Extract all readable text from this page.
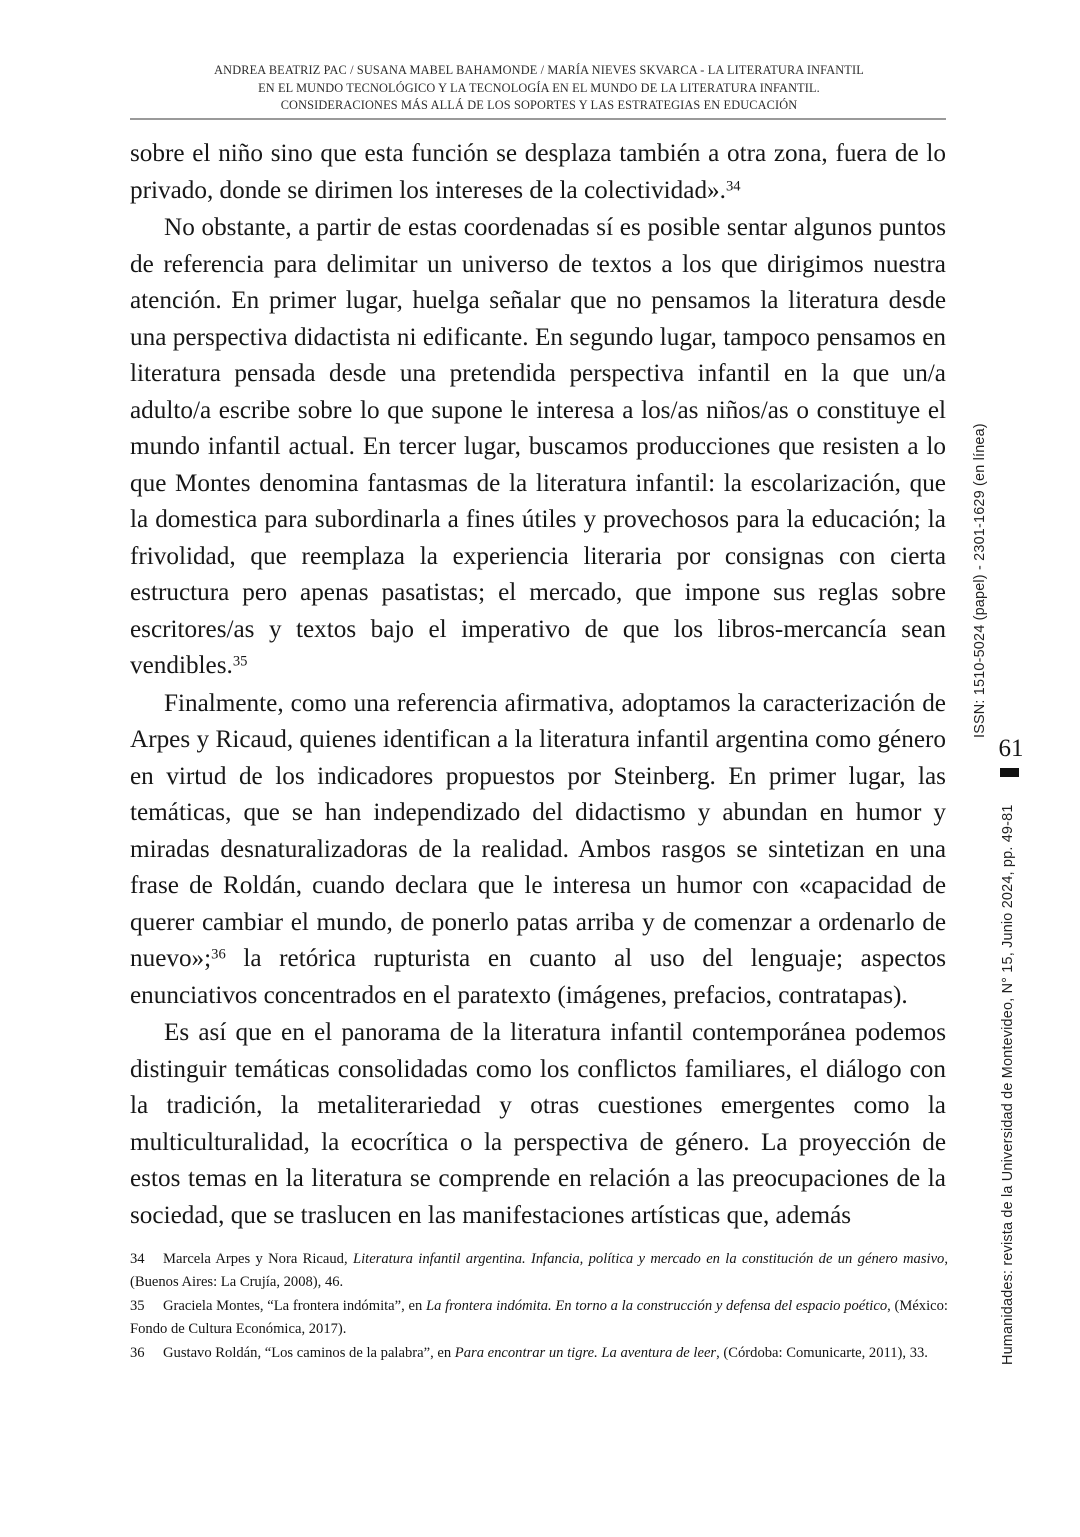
ANDREA BEATRIZ PAC / SUSANA MABEL BAHAMONDE / MARÍA NIEVES SKVARCA - LA LITERATURA INFANTIL
EN EL MUNDO TECNOLÓGICO Y LA TECNOLOGÍA EN EL MUNDO DE LA LITERATURA INFANTIL.
CONSIDERACIONES MÁS ALLÁ DE LOS SOPORTES Y LAS ESTRATEGIAS EN EDUCACIÓN

sobre el niño sino que esta función se desplaza también a otra zona, fuera de lo privado, donde se dirimen los intereses de la colectividad».$^{34}$

No obstante, a partir de estas coordenadas sí es posible sentar algunos puntos de referencia para delimitar un universo de textos a los que dirigimos nuestra atención. En primer lugar, huelga señalar que no pensamos la literatura desde una perspectiva didactista ni edificante. En segundo lugar, tampoco pensamos en literatura pensada desde una pretendida perspectiva infantil en la que un/a adulto/a escribe sobre lo que supone le interesa a los/as niños/as o constituye el mundo infantil actual. En tercer lugar, buscamos producciones que resisten a lo que Montes denomina fantasmas de la literatura infantil: la escolarización, que la domestica para subordinarla a fines útiles y provechosos para la educación; la frivolidad, que reemplaza la experiencia literaria por consignas con cierta estructura pero apenas pasatistas; el mercado, que impone sus reglas sobre escritores/as y textos bajo el imperativo de que los libros-mercancía sean vendibles.$^{35}$

Finalmente, como una referencia afirmativa, adoptamos la caracterización de Arpes y Ricaud, quienes identifican a la literatura infantil argentina como género en virtud de los indicadores propuestos por Steinberg. En primer lugar, las temáticas, que se han independizado del didactismo y abundan en humor y miradas desnaturalizadoras de la realidad. Ambos rasgos se sintetizan en una frase de Roldán, cuando declara que le interesa un humor con «capacidad de querer cambiar el mundo, de ponerlo patas arriba y de comenzar a ordenarlo de nuevo»;$^{36}$ la retórica rupturista en cuanto al uso del lenguaje; aspectos enunciativos concentrados en el paratexto (imágenes, prefacios, contratapas).

Es así que en el panorama de la literatura infantil contemporánea podemos distinguir temáticas consolidadas como los conflictos familiares, el diálogo con la tradición, la metaliterariedad y otras cuestiones emergentes como la multiculturalidad, la ecocrítica o la perspectiva de género. La proyección de estos temas en la literatura se comprende en relación a las preocupaciones de la sociedad, que se traslucen en las manifestaciones artísticas que, además

34 Marcela Arpes y Nora Ricaud, Literatura infantil argentina. Infancia, política y mercado en la constitución de un género masivo, (Buenos Aires: La Crujía, 2008), 46.

35 Graciela Montes, “La frontera indómita”, en La frontera indómita. En torno a la construcción y defensa del espacio poético, (México: Fondo de Cultura Económica, 2017).

36 Gustavo Roldán, “Los caminos de la palabra”, en Para encontrar un tigre. La aventura de leer, (Córdoba: Comunicarte, 2011), 33.

ISSN: 1510-5024 (papel) - 2301-1629 (en línea)
Humanidades: revista de la Universidad de Montevideo, N° 15, Junio 2024, pp. 49-81
61
